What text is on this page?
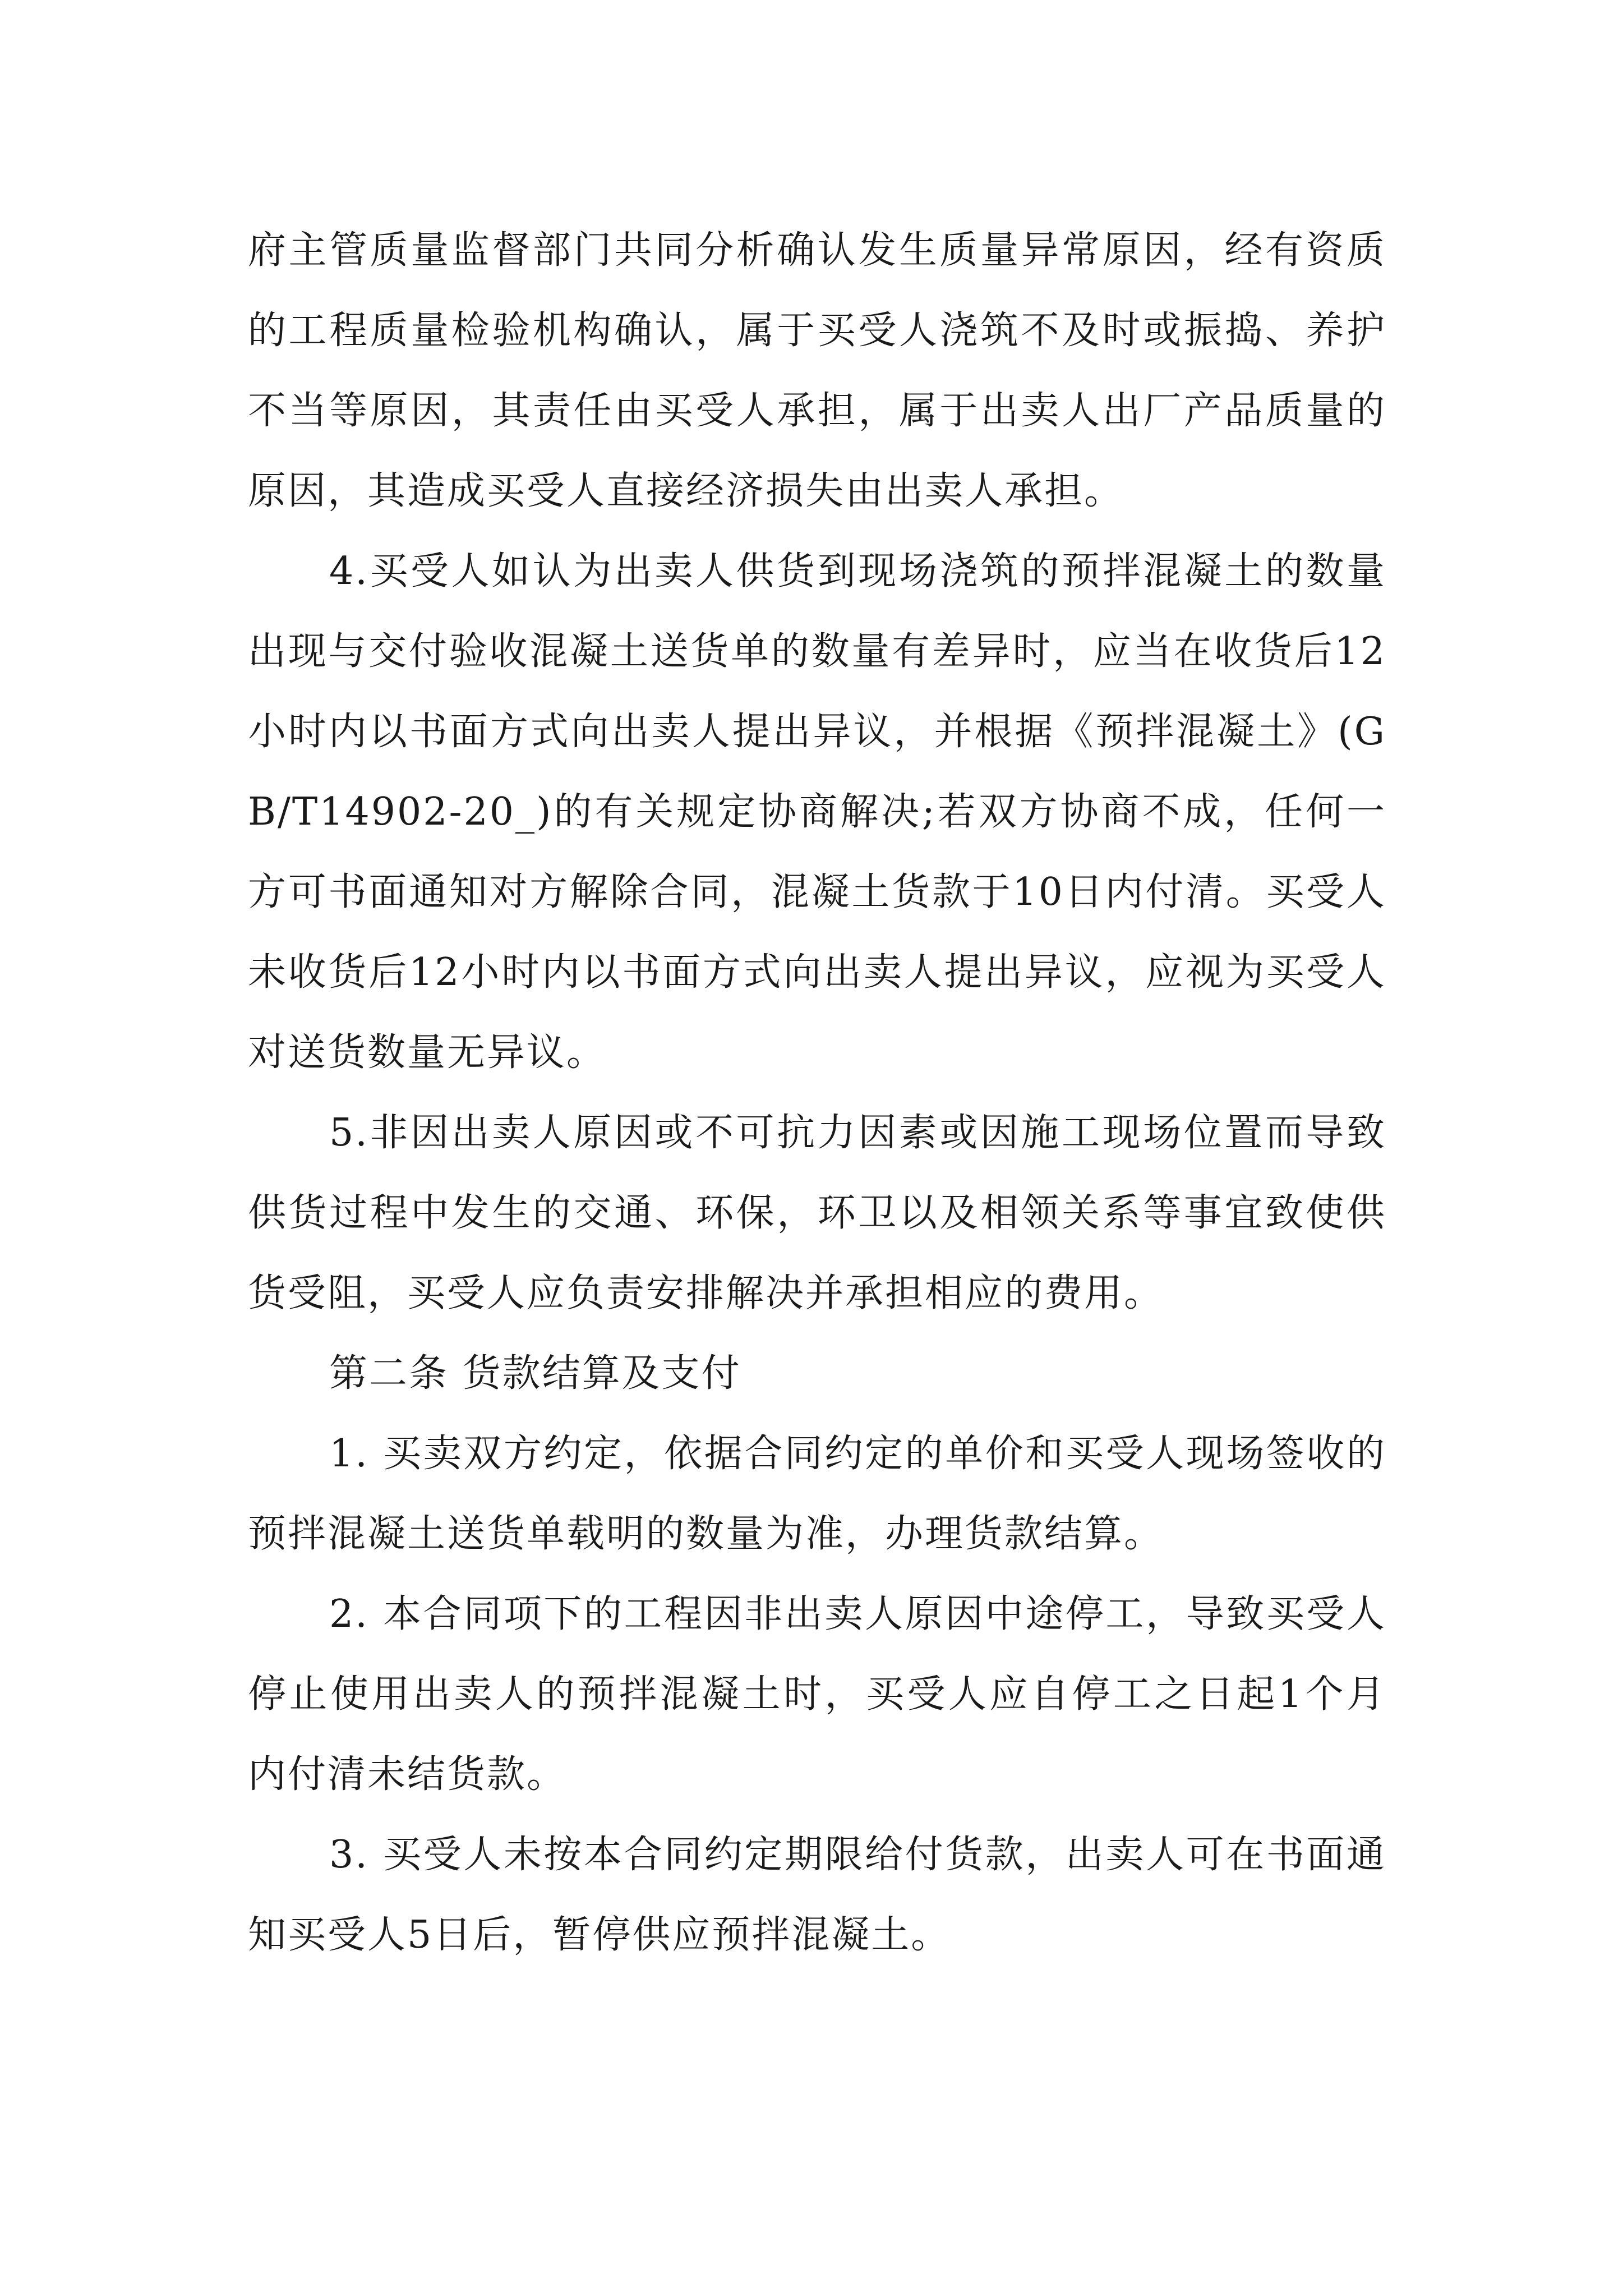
府主管质量监督部门共同分析确认发生质量异常原因，经有资质的工程质量检验机构确认，属于买受人浇筑不及时或振捣、养护不当等原因，其责任由买受人承担，属于出卖人出厂产品质量的原因，其造成买受人直接经济损失由出卖人承担。

4.买受人如认为出卖人供货到现场浇筑的预拌混凝土的数量出现与交付验收混凝土送货单的数量有差异时，应当在收货后12小时内以书面方式向出卖人提出异议，并根据《预拌混凝土》(GB/T14902-20_)的有关规定协商解决;若双方协商不成，任何一方可书面通知对方解除合同，混凝土货款于10日内付清。买受人未收货后12小时内以书面方式向出卖人提出异议，应视为买受人对送货数量无异议。

5.非因出卖人原因或不可抗力因素或因施工现场位置而导致供货过程中发生的交通、环保，环卫以及相领关系等事宜致使供货受阻，买受人应负责安排解决并承担相应的费用。

第二条 货款结算及支付

1. 买卖双方约定，依据合同约定的单价和买受人现场签收的预拌混凝土送货单载明的数量为准，办理货款结算。

2. 本合同项下的工程因非出卖人原因中途停工，导致买受人停止使用出卖人的预拌混凝土时，买受人应自停工之日起1个月内付清未结货款。

3. 买受人未按本合同约定期限给付货款，出卖人可在书面通知买受人5日后，暂停供应预拌混凝土。
